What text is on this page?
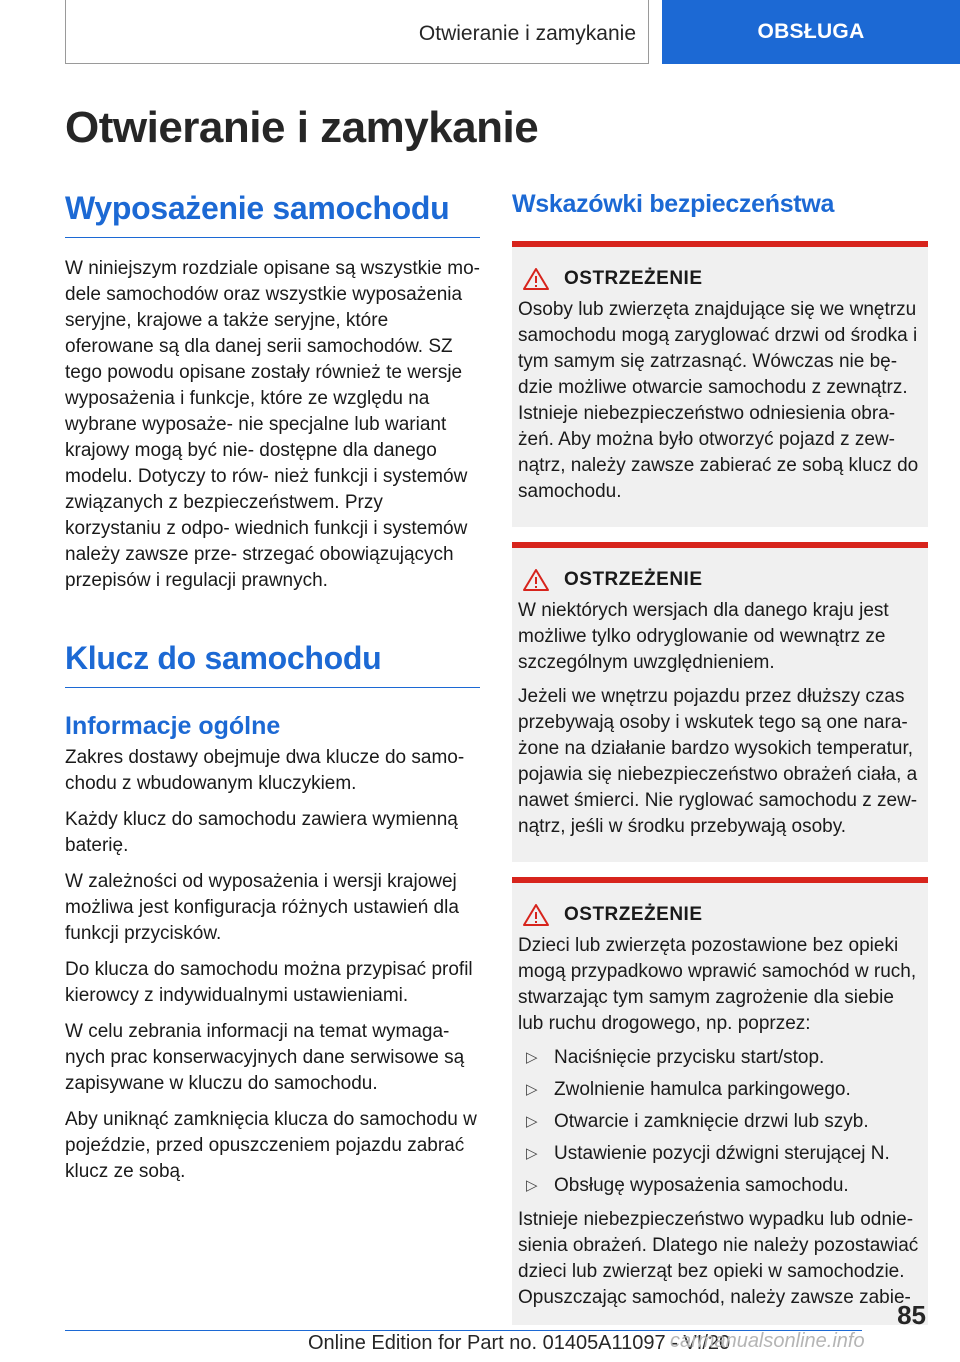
Otwieranie i zamykanie	OBSŁUGA
Otwieranie i zamykanie
Wyposażenie samochodu

W niniejszym rozdziale opisane są wszystkie mo- dele samochodów oraz wszystkie wyposażenia seryjne, krajowe a także seryjne, które oferowane są dla danej serii samochodów. SZ tego powodu opisane zostały również te wersje wyposażenia i funkcje, które ze względu na wybrane wyposaże- nie specjalne lub wariant krajowy mogą być nie- dostępne dla danego modelu. Dotyczy to rów- nież funkcji i systemów związanych z bezpieczeństwem. Przy korzystaniu z odpo- wiednich funkcji i systemów należy zawsze prze- strzegać obowiązujących przepisów i regulacji prawnych.

Klucz do samochodu
Informacje ogólne

Zakres dostawy obejmuje dwa klucze do samo- chodu z wbudowanym kluczykiem.

Każdy klucz do samochodu zawiera wymienną baterię.

W zależności od wyposażenia i wersji krajowej możliwa jest konfiguracja różnych ustawień dla funkcji przycisków.

Do klucza do samochodu można przypisać profil kierowcy z indywidualnymi ustawieniami.

W celu zebrania informacji na temat wymaga- nych prac konserwacyjnych dane serwisowe są zapisywane w kluczu do samochodu.

Aby uniknąć zamknięcia klucza do samochodu w pojeździe, przed opuszczeniem pojazdu zabrać klucz ze sobą.

Wskazówki bezpieczeństwa
OSTRZEŻENIE

Osoby lub zwierzęta znajdujące się we wnętrzu samochodu mogą zaryglować drzwi od środka i tym samym się zatrzasnąć. Wówczas nie bę- dzie możliwe otwarcie samochodu z zewnątrz. Istnieje niebezpieczeństwo odniesienia obra- żeń. Aby można było otworzyć pojazd z zew- nątrz, należy zawsze zabierać ze sobą klucz do samochodu.

OSTRZEŻENIE

W niektórych wersjach dla danego kraju jest możliwe tylko odryglowanie od wewnątrz ze szczególnym uwzględnieniem.

Jeżeli we wnętrzu pojazdu przez dłuższy czas przebywają osoby i wskutek tego są one nara- żone na działanie bardzo wysokich temperatur, pojawia się niebezpieczeństwo obrażeń ciała, a nawet śmierci. Nie ryglować samochodu z zew- nątrz, jeśli w środku przebywają osoby.

OSTRZEŻENIE

Dzieci lub zwierzęta pozostawione bez opieki mogą przypadkowo wprawić samochód w ruch, stwarzając tym samym zagrożenie dla siebie lub ruchu drogowego, np. poprzez:

▷ Naciśnięcie przycisku start/stop.
▷ Zwolnienie hamulca parkingowego.
▷ Otwarcie i zamknięcie drzwi lub szyb.
▷ Ustawienie pozycji dźwigni sterującej N.
▷ Obsługę wyposażenia samochodu.

Istnieje niebezpieczeństwo wypadku lub odnie- sienia obrażeń. Dlatego nie należy pozostawiać dzieci lub zwierząt bez opieki w samochodzie. Opuszczając samochód, należy zawsze zabie-

85
Online Edition for Part no. 01405A11097 - VI/20
carmanualsonline.info
